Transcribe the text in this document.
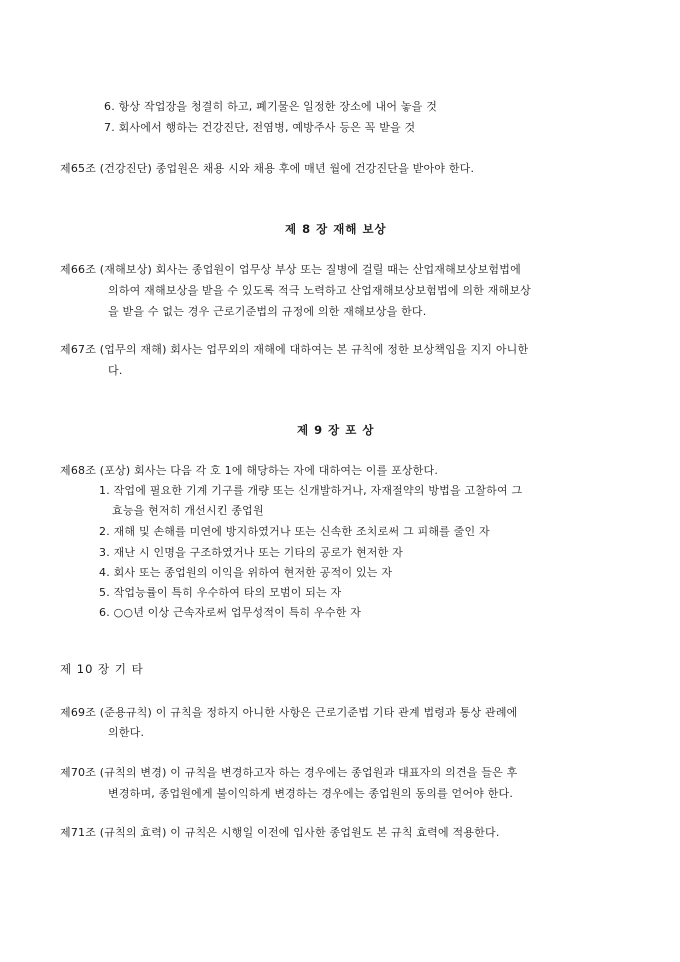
6. 항상 작업장을 청결히 하고, 폐기물은 일정한 장소에 내어 놓을 것
7. 회사에서 행하는 건강진단, 전염병, 예방주사 등은 꼭 받을 것
제65조 (건강진단) 종업원은 채용 시와 채용 후에 매년 월에 건강진단을 받아야 한다.
제 8 장 재해 보상
제66조 (재해보상) 회사는 종업원이 업무상 부상 또는 질병에 걸릴 때는 산업재해보상보험법에
의하여 재해보상을 받을 수 있도록 적극 노력하고 산업재해보상보험법에 의한 재해보상
을 받을 수 없는 경우 근로기준법의 규정에 의한 재해보상을 한다.
제67조 (업무의 재해) 회사는 업무외의 재해에 대하여는 본 규칙에 정한 보상책임을 지지 아니한
다.
제 9 장 포 상
제68조 (포상) 회사는 다음 각 호 1에 해당하는 자에 대하여는 이를 포상한다.
1. 작업에 필요한 기계 기구를 개량 또는 신개발하거나, 자재절약의 방법을 고찰하여 그
효능을 현저히 개선시킨 종업원
2. 재해 및 손해를 미연에 방지하였거나 또는 신속한 조치로써 그 피해를 줄인 자
3. 재난 시 인명을 구조하였거나 또는 기타의 공로가 현저한 자
4. 회사 또는 종업원의 이익을 위하여 현저한 공적이 있는 자
5. 작업능률이 특히 우수하여 타의 모범이 되는 자
6. ○○년 이상 근속자로써 업무성적이 특히 우수한 자
제 10 장 기 타
제69조 (준용규칙) 이 규칙을 정하지 아니한 사항은 근로기준법 기타 관계 법령과 통상 관례에
의한다.
제70조 (규칙의 변경) 이 규칙을 변경하고자 하는 경우에는 종업원과 대표자의 의견을 들은 후
변경하며, 종업원에게 불이익하게 변경하는 경우에는 종업원의 동의를 얻어야 한다.
제71조 (규칙의 효력) 이 규칙은 시행일 이전에 입사한 종업원도 본 규칙 효력에 적용한다.
